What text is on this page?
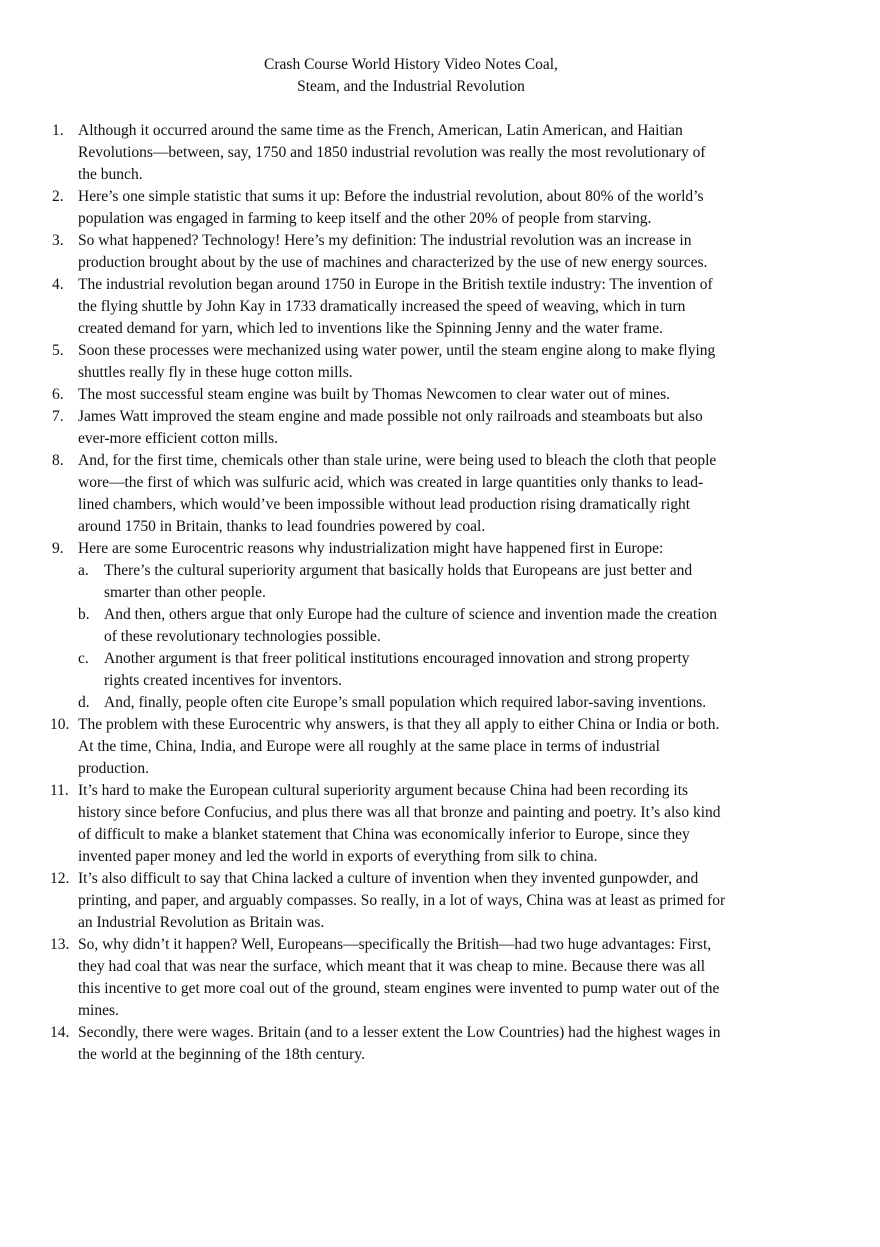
Crash Course World History Video Notes Coal,
Steam, and the Industrial Revolution
1. Although it occurred around the same time as the French, American, Latin American, and Haitian Revolutions—between, say, 1750 and 1850 industrial revolution was really the most revolutionary of the bunch.
2. Here’s one simple statistic that sums it up: Before the industrial revolution, about 80% of the world’s population was engaged in farming to keep itself and the other 20% of people from starving.
3. So what happened? Technology! Here’s my definition: The industrial revolution was an increase in production brought about by the use of machines and characterized by the use of new energy sources.
4. The industrial revolution began around 1750 in Europe in the British textile industry: The invention of the flying shuttle by John Kay in 1733 dramatically increased the speed of weaving, which in turn created demand for yarn, which led to inventions like the Spinning Jenny and the water frame.
5. Soon these processes were mechanized using water power, until the steam engine along to make flying shuttles really fly in these huge cotton mills.
6. The most successful steam engine was built by Thomas Newcomen to clear water out of mines.
7. James Watt improved the steam engine and made possible not only railroads and steamboats but also ever-more efficient cotton mills.
8. And, for the first time, chemicals other than stale urine, were being used to bleach the cloth that people wore—the first of which was sulfuric acid, which was created in large quantities only thanks to lead-lined chambers, which would’ve been impossible without lead production rising dramatically right around 1750 in Britain, thanks to lead foundries powered by coal.
9. Here are some Eurocentric reasons why industrialization might have happened first in Europe:
a. There’s the cultural superiority argument that basically holds that Europeans are just better and smarter than other people.
b. And then, others argue that only Europe had the culture of science and invention made the creation of these revolutionary technologies possible.
c. Another argument is that freer political institutions encouraged innovation and strong property rights created incentives for inventors.
d. And, finally, people often cite Europe’s small population which required labor-saving inventions.
10. The problem with these Eurocentric why answers, is that they all apply to either China or India or both. At the time, China, India, and Europe were all roughly at the same place in terms of industrial production.
11. It’s hard to make the European cultural superiority argument because China had been recording its history since before Confucius, and plus there was all that bronze and painting and poetry. It’s also kind of difficult to make a blanket statement that China was economically inferior to Europe, since they invented paper money and led the world in exports of everything from silk to china.
12. It’s also difficult to say that China lacked a culture of invention when they invented gunpowder, and printing, and paper, and arguably compasses. So really, in a lot of ways, China was at least as primed for an Industrial Revolution as Britain was.
13. So, why didn’t it happen? Well, Europeans—specifically the British—had two huge advantages: First, they had coal that was near the surface, which meant that it was cheap to mine. Because there was all this incentive to get more coal out of the ground, steam engines were invented to pump water out of the mines.
14. Secondly, there were wages. Britain (and to a lesser extent the Low Countries) had the highest wages in the world at the beginning of the 18th century.
